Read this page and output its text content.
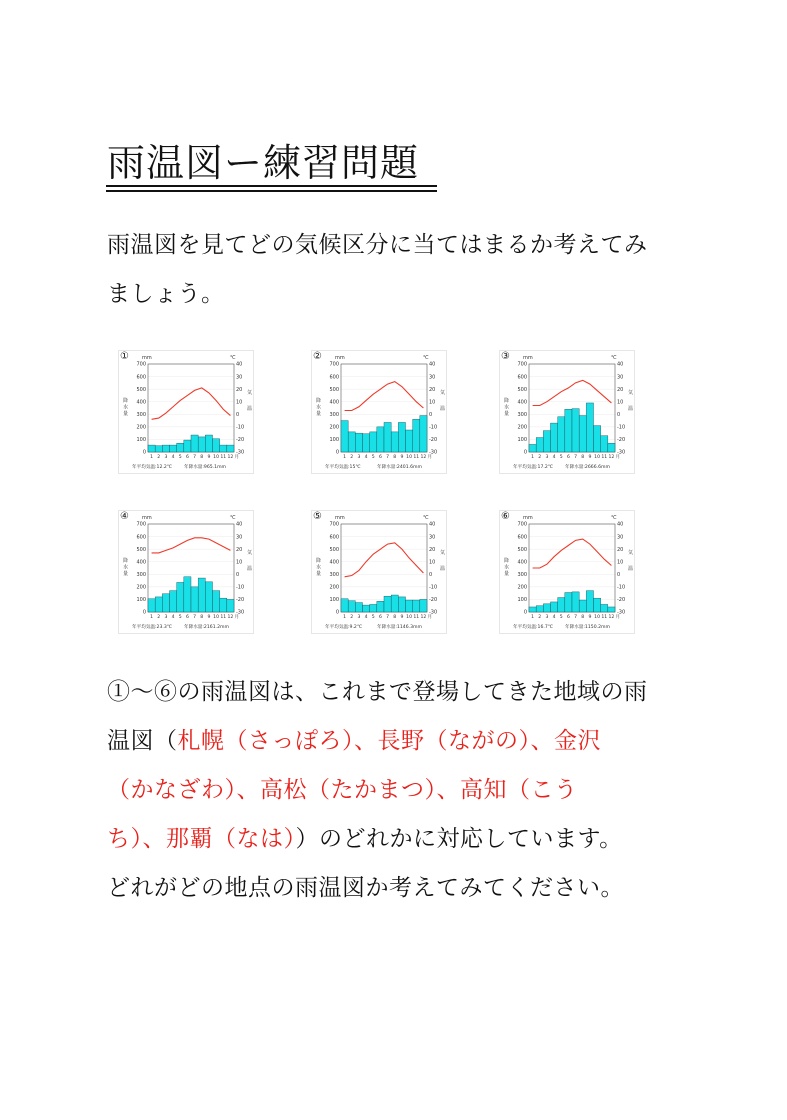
雨温図ー練習問題

雨温図を見てどの気候区分に当てはまるか考えてみ

ましょう。

①	mm	℃
700	40
600	30
500	20
400	10
300	0
200	-10
100	-20
0	-30
降
水
量
気
温
1 2 3 4 5 6 7 8 9 10 11 12 月
年平均気温:12.2℃	年降水量:965.1mm
②	mm	℃
700	40
600	30
500	20
400	10
300	0
200	-10
100	-20
0	-30
降
水
量
気
温
1 2 3 4 5 6 7 8 9 10 11 12 月
年平均気温:15℃	年降水量:2401.6mm
③	mm	℃
700	40
600	30
500	20
400	10
300	0
200	-10
100	-20
0	-30
降
水
量
気
温
1 2 3 4 5 6 7 8 9 10 11 12 月
年平均気温:17.2℃	年降水量:2666.6mm
④	mm	℃
700	40
600	30
500	20
400	10
300	0
200	-10
100	-20
0	-30
降
水
量
気
温
1 2 3 4 5 6 7 8 9 10 11 12 月
年平均気温:23.3℃	年降水量:2161.2mm
⑤	mm	℃
700	40
600	30
500	20
400	10
300	0
200	-10
100	-20
0	-30
降
水
量
気
温
1 2 3 4 5 6 7 8 9 10 11 12 月
年平均気温:9.2℃	年降水量:1146.3mm
⑥	mm	℃
700	40
600	30
500	20
400	10
300	0
200	-10
100	-20
0	-30
降
水
量
気
温
1 2 3 4 5 6 7 8 9 10 11 12 月
年平均気温:16.7℃	年降水量:1150.2mm

①〜⑥の雨温図は、これまで登場してきた地域の雨

温図（札幌（さっぽろ）、長野（ながの）、金沢

（かなざわ）、高松（たかまつ）、高知（こう

ち）、那覇（なは））のどれかに対応しています。

どれがどの地点の雨温図か考えてみてください。
